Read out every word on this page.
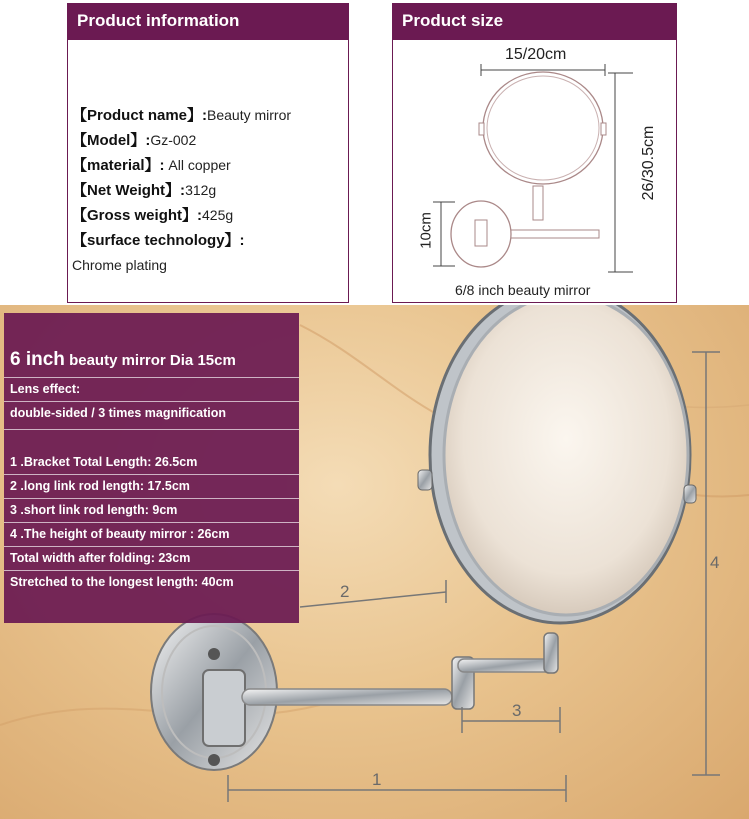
Product information
【Product name】:Beauty mirror
【Model】:Gz-002
【material】: All copper
【Net Weight】:312g
【Gross weight】:425g
【surface technology】:
Chrome plating
Product size
15/20cm
26/30.5cm
10cm
6/8 inch beauty mirror
1
2
3
4
6 inch beauty mirror Dia 15cm
Lens effect:
double-sided / 3 times magnification
1 .Bracket Total Length: 26.5cm
2 .long link rod length: 17.5cm
3 .short link rod length: 9cm
4 .The height of beauty mirror : 26cm
Total width after folding: 23cm
Stretched to the longest length: 40cm
